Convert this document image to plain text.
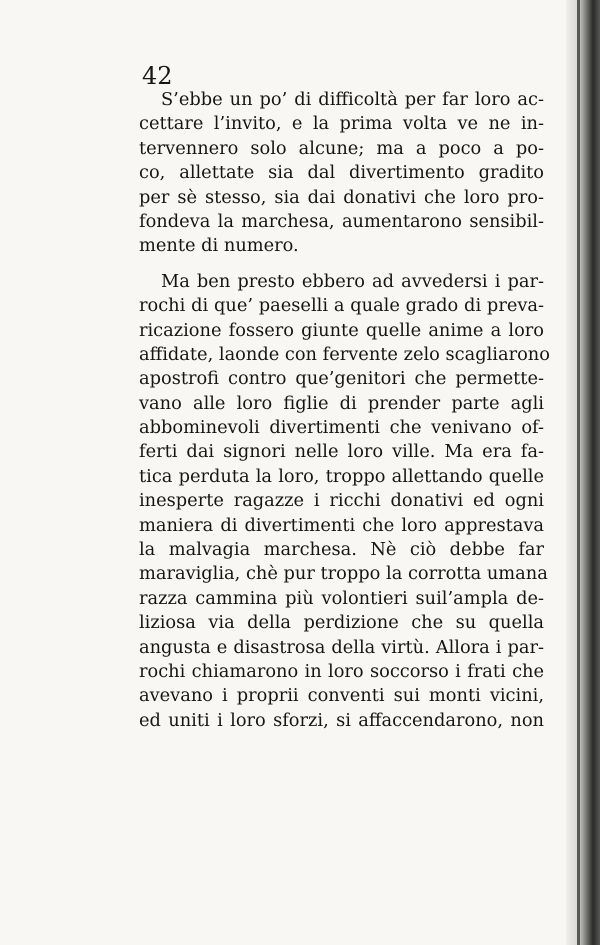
42
S’ebbe un po’ di difficoltà per far loro ac-
cettare l’invito, e la prima volta ve ne in-
tervennero solo alcune; ma a poco a po-
co, allettate sia dal divertimento gradito
per sè stesso, sia dai donativi che loro pro-
fondeva la marchesa, aumentarono sensibil-
mente di numero.
Ma ben presto ebbero ad avvedersi i par-
rochi di que’ paeselli a quale grado di preva-
ricazione fossero giunte quelle anime a loro
affidate, laonde con fervente zelo scagliarono
apostrofi contro que’genitori che permette-
vano alle loro figlie di prender parte agli
abbominevoli divertimenti che venivano of-
ferti dai signori nelle loro ville. Ma era fa-
tica perduta la loro, troppo allettando quelle
inesperte ragazze i ricchi donativi ed ogni
maniera di divertimenti che loro apprestava
la malvagia marchesa. Nè ciò debbe far
maraviglia, chè pur troppo la corrotta umana
razza cammina più volontieri suil’ampla de-
liziosa via della perdizione che su quella
angusta e disastrosa della virtù. Allora i par-
rochi chiamarono in loro soccorso i frati che
avevano i proprii conventi sui monti vicini,
ed uniti i loro sforzi, si affaccendarono, non
